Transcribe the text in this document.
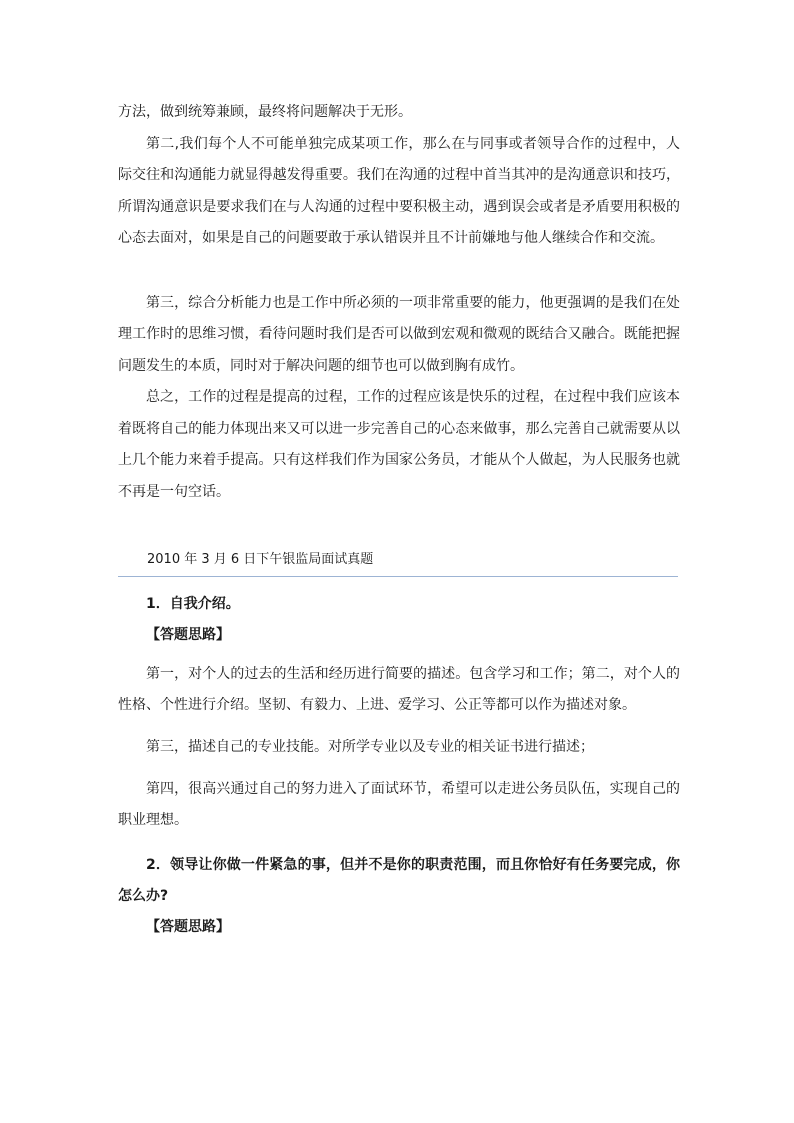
方法，做到统筹兼顾，最终将问题解决于无形。

第二,我们每个人不可能单独完成某项工作，那么在与同事或者领导合作的过程中，人际交往和沟通能力就显得越发得重要。我们在沟通的过程中首当其冲的是沟通意识和技巧，所谓沟通意识是要求我们在与人沟通的过程中要积极主动，遇到误会或者是矛盾要用积极的心态去面对，如果是自己的问题要敢于承认错误并且不计前嫌地与他人继续合作和交流。

第三，综合分析能力也是工作中所必须的一项非常重要的能力，他更强调的是我们在处理工作时的思维习惯，看待问题时我们是否可以做到宏观和微观的既结合又融合。既能把握问题发生的本质，同时对于解决问题的细节也可以做到胸有成竹。

总之，工作的过程是提高的过程，工作的过程应该是快乐的过程，在过程中我们应该本着既将自己的能力体现出来又可以进一步完善自己的心态来做事，那么完善自己就需要从以上几个能力来着手提高。只有这样我们作为国家公务员，才能从个人做起，为人民服务也就不再是一句空话。

2010 年 3 月 6 日下午银监局面试真题

1．自我介绍。

【答题思路】

第一，对个人的过去的生活和经历进行简要的描述。包含学习和工作；第二，对个人的性格、个性进行介绍。坚韧、有毅力、上进、爱学习、公正等都可以作为描述对象。

第三，描述自己的专业技能。对所学专业以及专业的相关证书进行描述；

第四，很高兴通过自己的努力进入了面试环节，希望可以走进公务员队伍，实现自己的职业理想。

2．领导让你做一件紧急的事，但并不是你的职责范围，而且你恰好有任务要完成，你怎么办?

【答题思路】
